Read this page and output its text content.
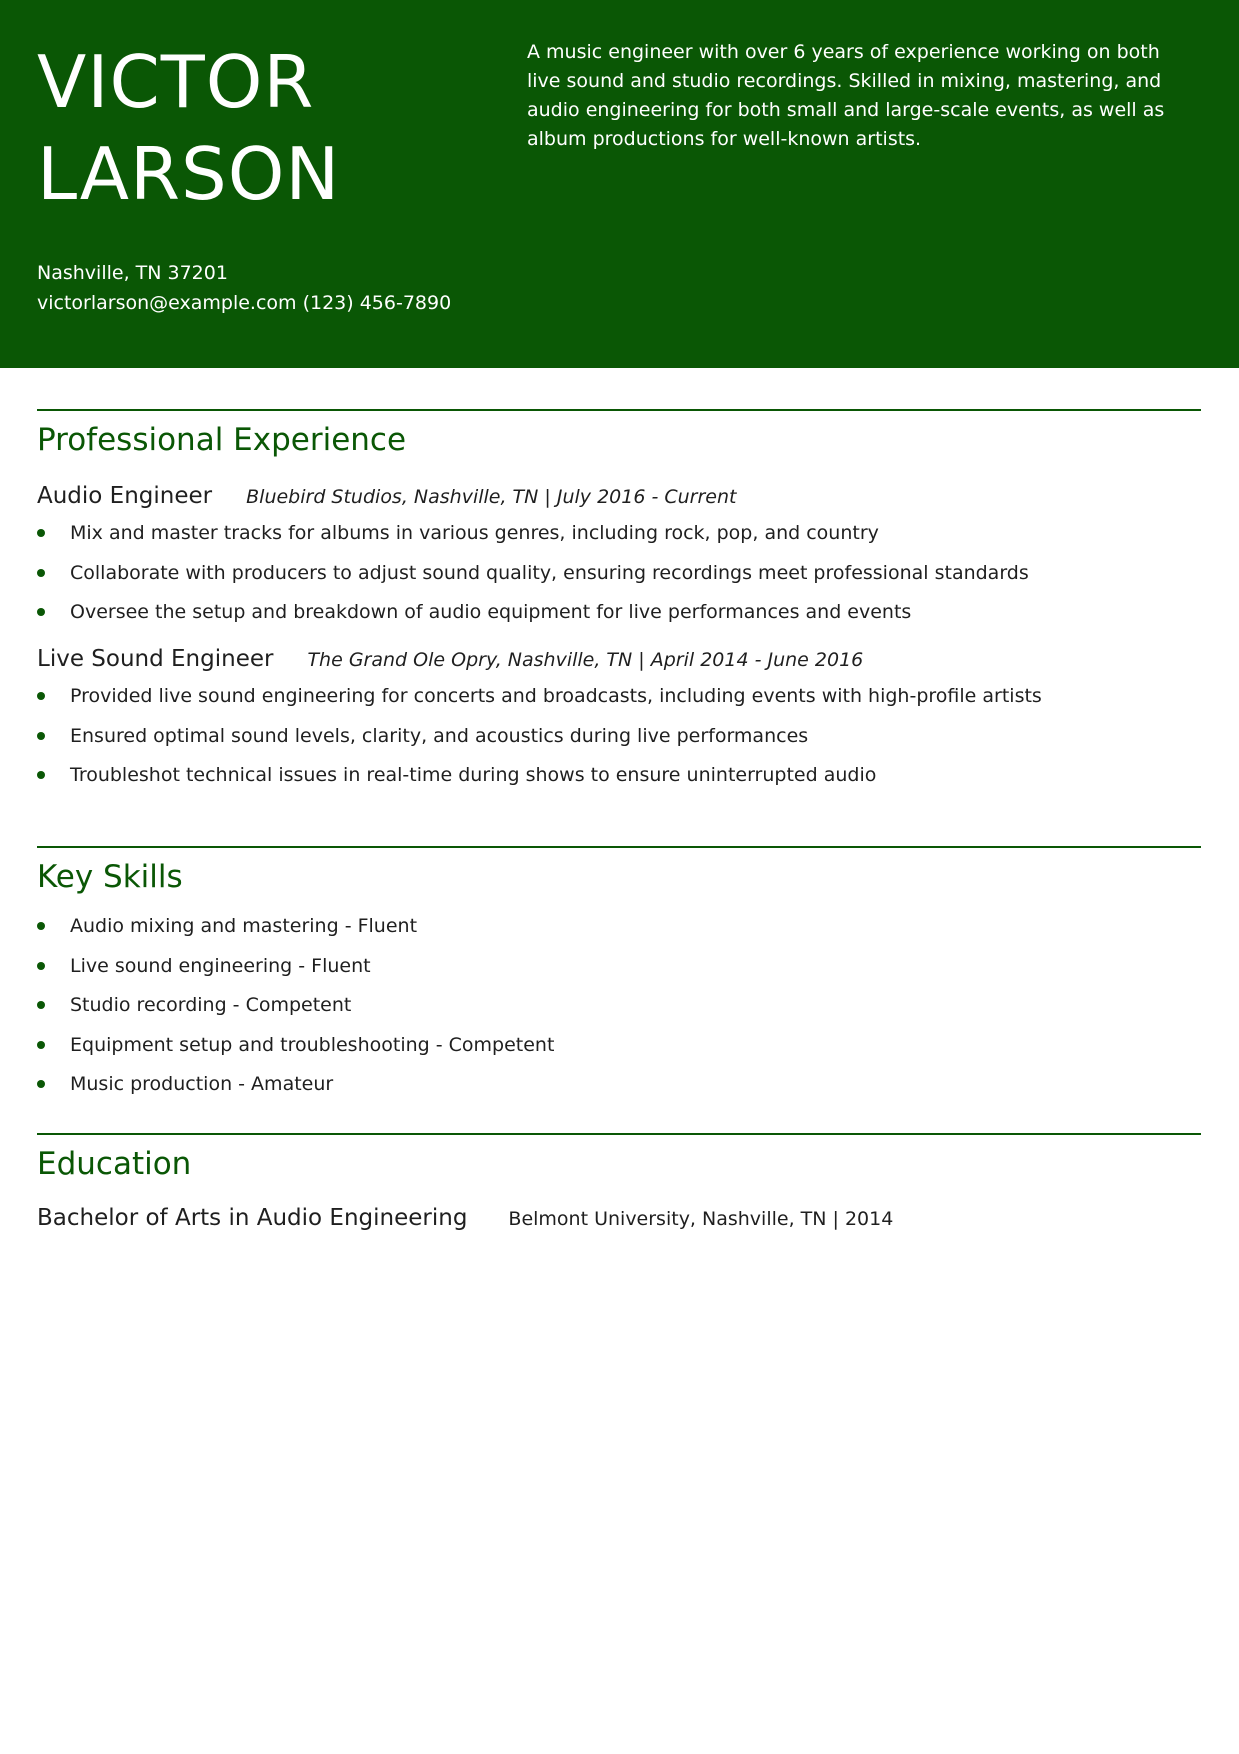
VICTOR
LARSON

A music engineer with over 6 years of experience working on both live sound and studio recordings. Skilled in mixing, mastering, and audio engineering for both small and large-scale events, as well as album productions for well-known artists.

Nashville, TN 37201
victorlarson@example.com (123) 456-7890
Professional Experience
Audio Engineer Bluebird Studios, Nashville, TN | July 2016 - Current
Mix and master tracks for albums in various genres, including rock, pop, and country
Collaborate with producers to adjust sound quality, ensuring recordings meet professional standards
Oversee the setup and breakdown of audio equipment for live performances and events
Live Sound Engineer The Grand Ole Opry, Nashville, TN | April 2014 - June 2016
Provided live sound engineering for concerts and broadcasts, including events with high-profile artists
Ensured optimal sound levels, clarity, and acoustics during live performances
Troubleshot technical issues in real-time during shows to ensure uninterrupted audio
Key Skills
Audio mixing and mastering - Fluent
Live sound engineering - Fluent
Studio recording - Competent
Equipment setup and troubleshooting - Competent
Music production - Amateur
Education
Bachelor of Arts in Audio Engineering Belmont University, Nashville, TN | 2014
